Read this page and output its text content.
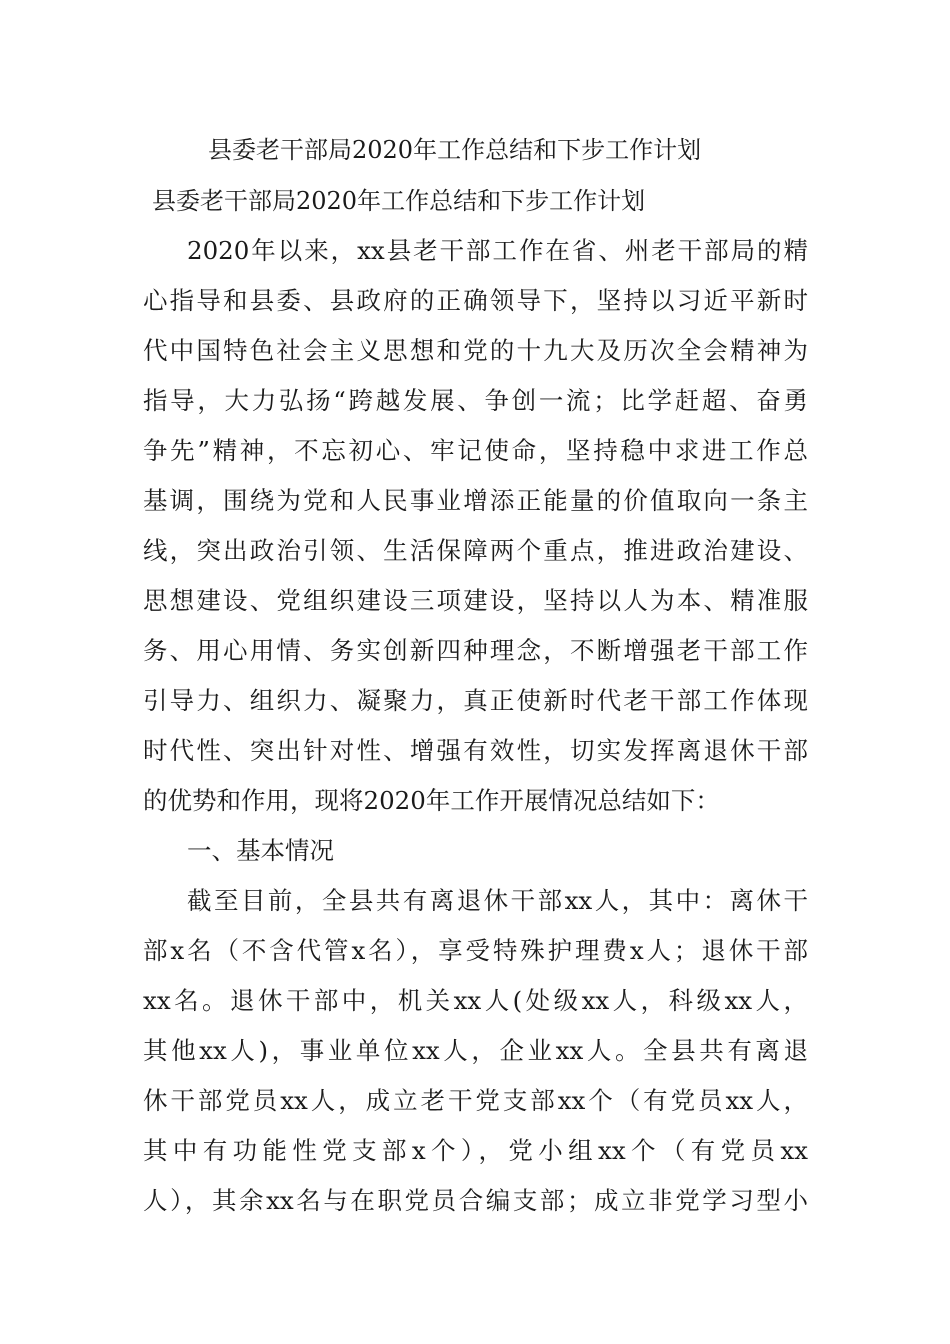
县委老干部局2020年工作总结和下步工作计划
县委老干部局2020年工作总结和下步工作计划
2020年以来，xx县老干部工作在省、州老干部局的精
心指导和县委、县政府的正确领导下，坚持以习近平新时
代中国特色社会主义思想和党的十九大及历次全会精神为
指导，大力弘扬“跨越发展、争创一流；比学赶超、奋勇
争先”精神，不忘初心、牢记使命，坚持稳中求进工作总
基调，围绕为党和人民事业增添正能量的价值取向一条主
线，突出政治引领、生活保障两个重点，推进政治建设、
思想建设、党组织建设三项建设，坚持以人为本、精准服
务、用心用情、务实创新四种理念，不断增强老干部工作
引导力、组织力、凝聚力，真正使新时代老干部工作体现
时代性、突出针对性、增强有效性，切实发挥离退休干部
的优势和作用，现将2020年工作开展情况总结如下：
一、基本情况
截至目前，全县共有离退休干部xx人，其中：离休干
部x名（不含代管x名），享受特殊护理费x人；退休干部
xx名。退休干部中，机关xx人(处级xx人，科级xx人，
其他xx人)，事业单位xx人，企业xx人。全县共有离退
休干部党员xx人，成立老干党支部xx个（有党员xx人，
其中有功能性党支部x个），党小组xx个（有党员xx
人），其余xx名与在职党员合编支部；成立非党学习型小
